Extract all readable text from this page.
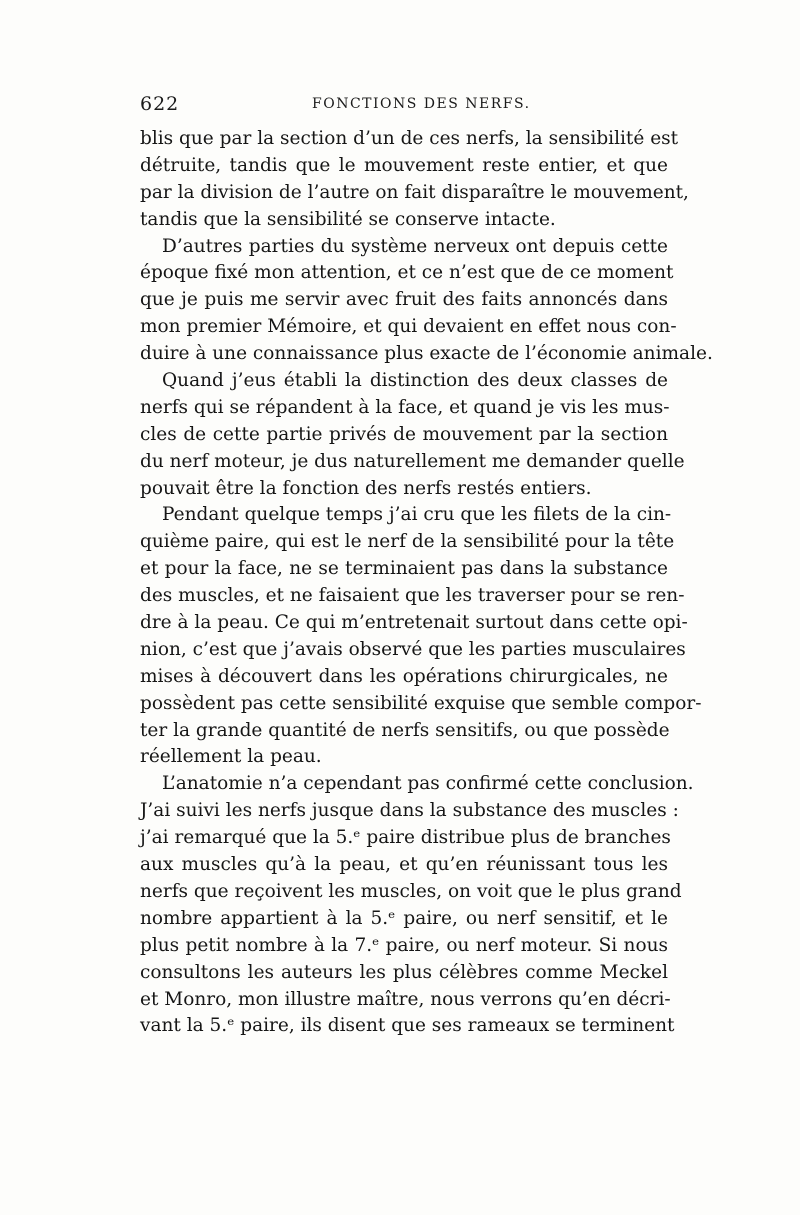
622	FONCTIONS DES NERFS.
blis que par la section d’un de ces nerfs, la sensibilité est
détruite, tandis que le mouvement reste entier, et que
par la division de l’autre on fait disparaître le mouvement,
tandis que la sensibilité se conserve intacte.
D’autres parties du système nerveux ont depuis cette
époque fixé mon attention, et ce n’est que de ce moment
que je puis me servir avec fruit des faits annoncés dans
mon premier Mémoire, et qui devaient en effet nous con-
duire à une connaissance plus exacte de l’économie animale.
Quand j’eus établi la distinction des deux classes de
nerfs qui se répandent à la face, et quand je vis les mus-
cles de cette partie privés de mouvement par la section
du nerf moteur, je dus naturellement me demander quelle
pouvait être la fonction des nerfs restés entiers.
Pendant quelque temps j’ai cru que les filets de la cin-
quième paire, qui est le nerf de la sensibilité pour la tête
et pour la face, ne se terminaient pas dans la substance
des muscles, et ne faisaient que les traverser pour se ren-
dre à la peau. Ce qui m’entretenait surtout dans cette opi-
nion, c’est que j’avais observé que les parties musculaires
mises à découvert dans les opérations chirurgicales, ne
possèdent pas cette sensibilité exquise que semble compor-
ter la grande quantité de nerfs sensitifs, ou que possède
réellement la peau.
L’anatomie n’a cependant pas confirmé cette conclusion.
J’ai suivi les nerfs jusque dans la substance des muscles :
j’ai remarqué que la 5.ᵉ paire distribue plus de branches
aux muscles qu’à la peau, et qu’en réunissant tous les
nerfs que reçoivent les muscles, on voit que le plus grand
nombre appartient à la 5.ᵉ paire, ou nerf sensitif, et le
plus petit nombre à la 7.ᵉ paire, ou nerf moteur. Si nous
consultons les auteurs les plus célèbres comme Meckel
et Monro, mon illustre maître, nous verrons qu’en décri-
vant la 5.ᵉ paire, ils disent que ses rameaux se terminent
